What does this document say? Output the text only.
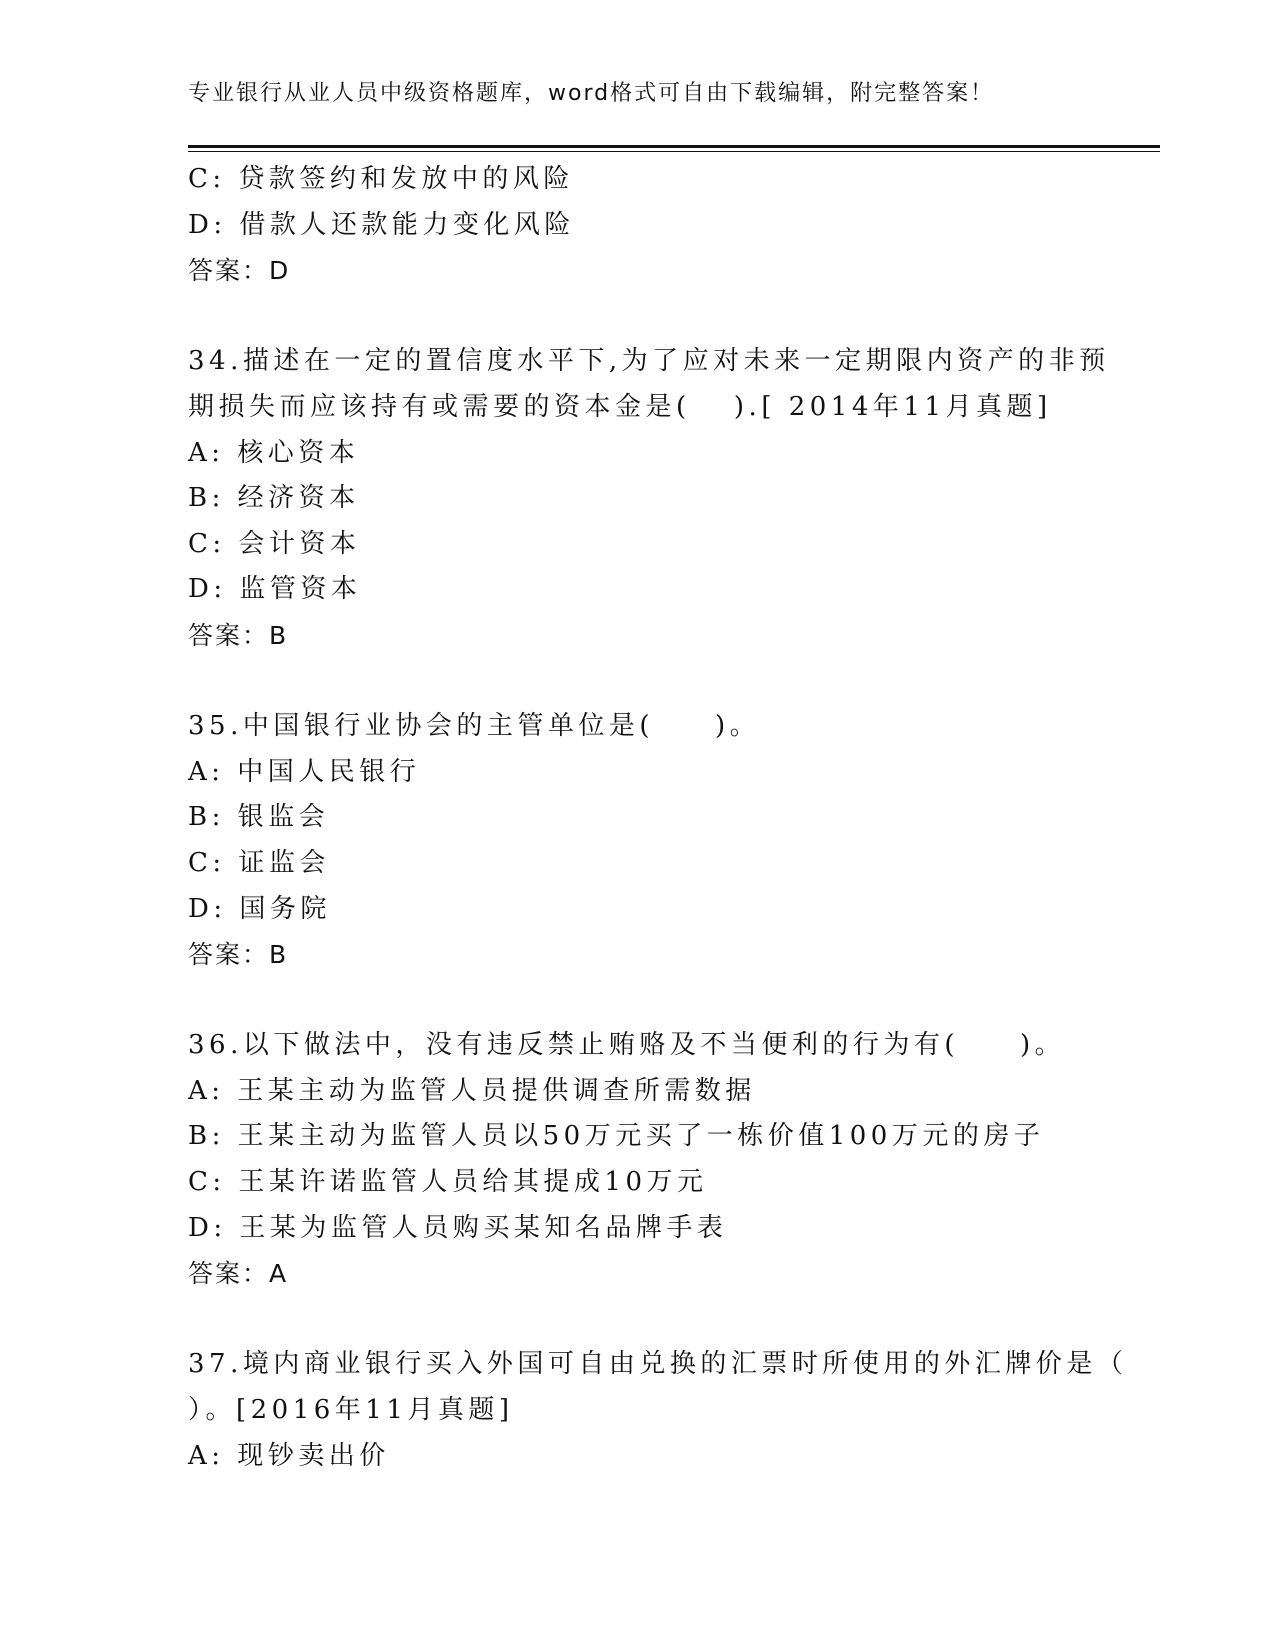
专业银行从业人员中级资格题库，word格式可自由下载编辑，附完整答案！
C: 贷款签约和发放中的风险
D: 借款人还款能力变化风险
答案：D
34.描述在一定的置信度水平下,为了应对未来一定期限内资产的非预
期损失而应该持有或需要的资本金是(　 ).[ 2014年11月真题]
A: 核心资本
B: 经济资本
C: 会计资本
D: 监管资本
答案：B
35.中国银行业协会的主管单位是(　　)。
A: 中国人民银行
B: 银监会
C: 证监会
D: 国务院
答案：B
36.以下做法中，没有违反禁止贿赂及不当便利的行为有(　　)。
A: 王某主动为监管人员提供调查所需数据
B: 王某主动为监管人员以50万元买了一栋价值100万元的房子
C: 王某许诺监管人员给其提成10万元
D: 王某为监管人员购买某知名品牌手表
答案：A
37.境内商业银行买入外国可自由兑换的汇票时所使用的外汇牌价是（
）。[2016年11月真题]
A: 现钞卖出价
